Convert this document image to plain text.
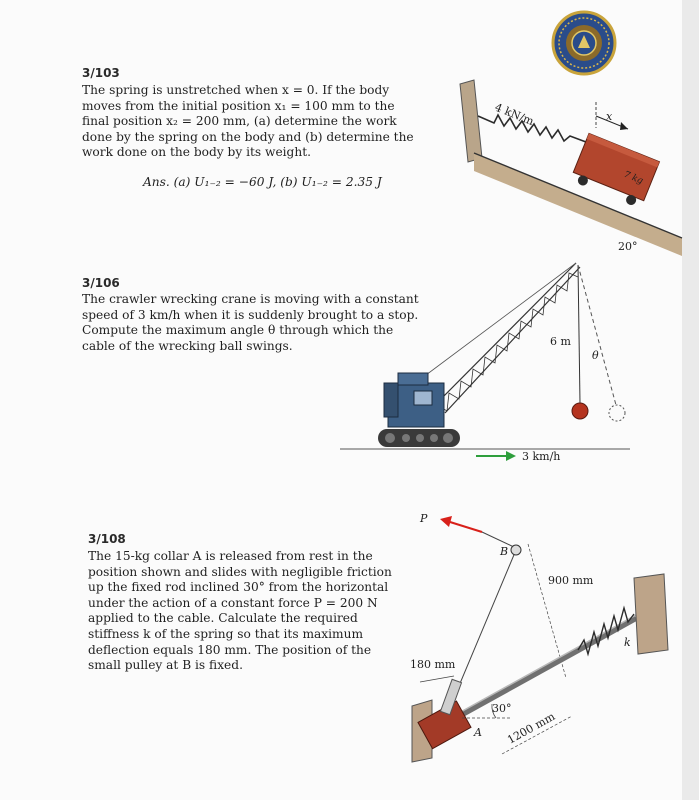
3/103

The spring is unstretched when x = 0. If the body moves from the initial position x₁ = 100 mm to the final position x₂ = 200 mm, (a) determine the work done by the spring on the body and (b) determine the work done on the body by its weight.

Ans. (a) U₁₋₂ = −60 J, (b) U₁₋₂ = 2.35 J
4 kN/m
7 kg
x
20°
3/106

The crawler wrecking crane is moving with a constant speed of 3 km/h when it is suddenly brought to a stop. Compute the maximum angle θ through which the cable of the wrecking ball swings.	6 m
θ
3 km/h
3/108

The 15-kg collar A is released from rest in the position shown and slides with negligible friction up the fixed rod inclined 30° from the horizontal under the action of a constant force P = 200 N applied to the cable. Calculate the required stiffness k of the spring so that its maximum deflection equals 180 mm. The position of the small pulley at B is fixed.

P
B
900 mm
k
A
180 mm
30°
1200 mm
